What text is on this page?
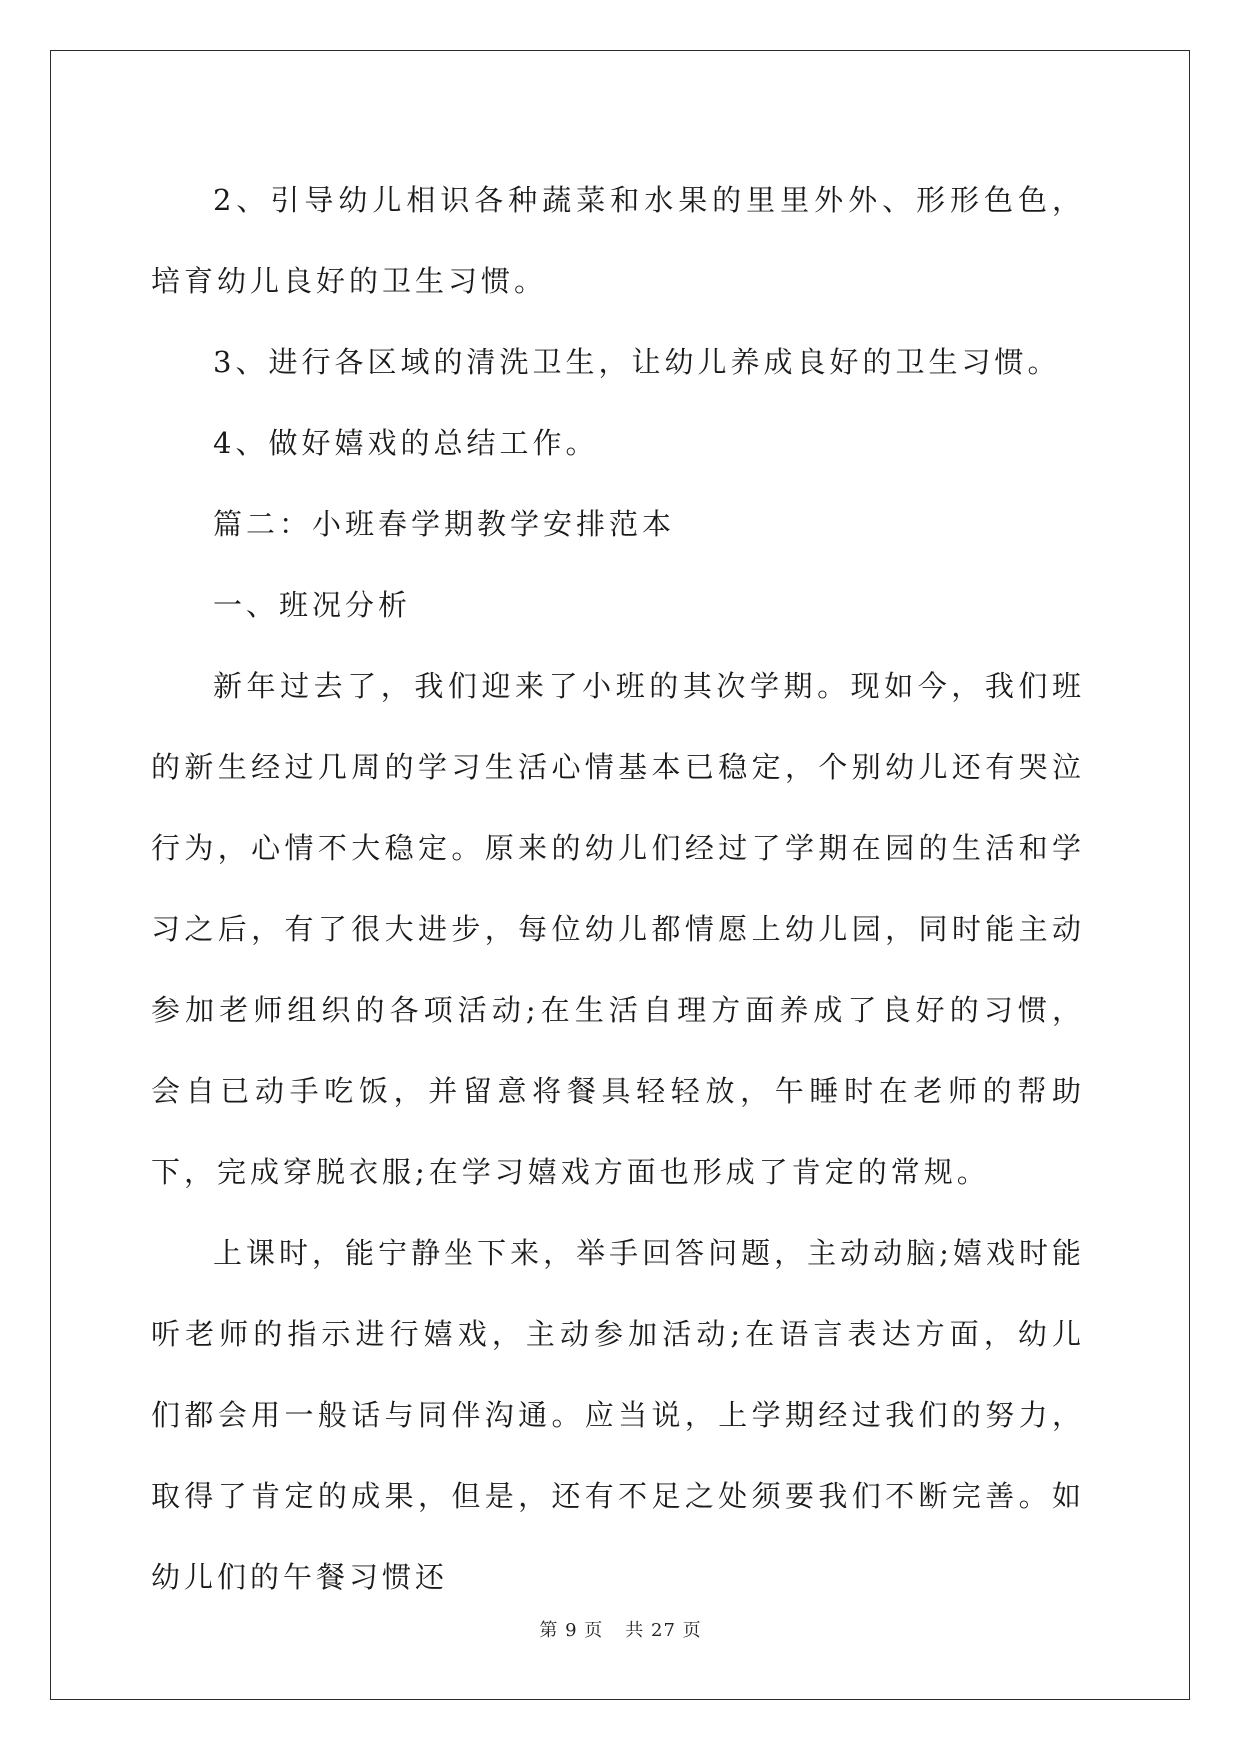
2、引导幼儿相识各种蔬菜和水果的里里外外、形形色色，培育幼儿良好的卫生习惯。

3、进行各区域的清洗卫生，让幼儿养成良好的卫生习惯。

4、做好嬉戏的总结工作。

篇二：小班春学期教学安排范本

一、班况分析

新年过去了，我们迎来了小班的其次学期。现如今，我们班的新生经过几周的学习生活心情基本已稳定，个别幼儿还有哭泣行为，心情不大稳定。原来的幼儿们经过了学期在园的生活和学习之后，有了很大进步，每位幼儿都情愿上幼儿园，同时能主动参加老师组织的各项活动;在生活自理方面养成了良好的习惯，会自已动手吃饭，并留意将餐具轻轻放，午睡时在老师的帮助下，完成穿脱衣服;在学习嬉戏方面也形成了肯定的常规。

上课时，能宁静坐下来，举手回答问题，主动动脑;嬉戏时能听老师的指示进行嬉戏，主动参加活动;在语言表达方面，幼儿们都会用一般话与同伴沟通。应当说，上学期经过我们的努力，取得了肯定的成果，但是，还有不足之处须要我们不断完善。如幼儿们的午餐习惯还

第 9 页 共 27 页
